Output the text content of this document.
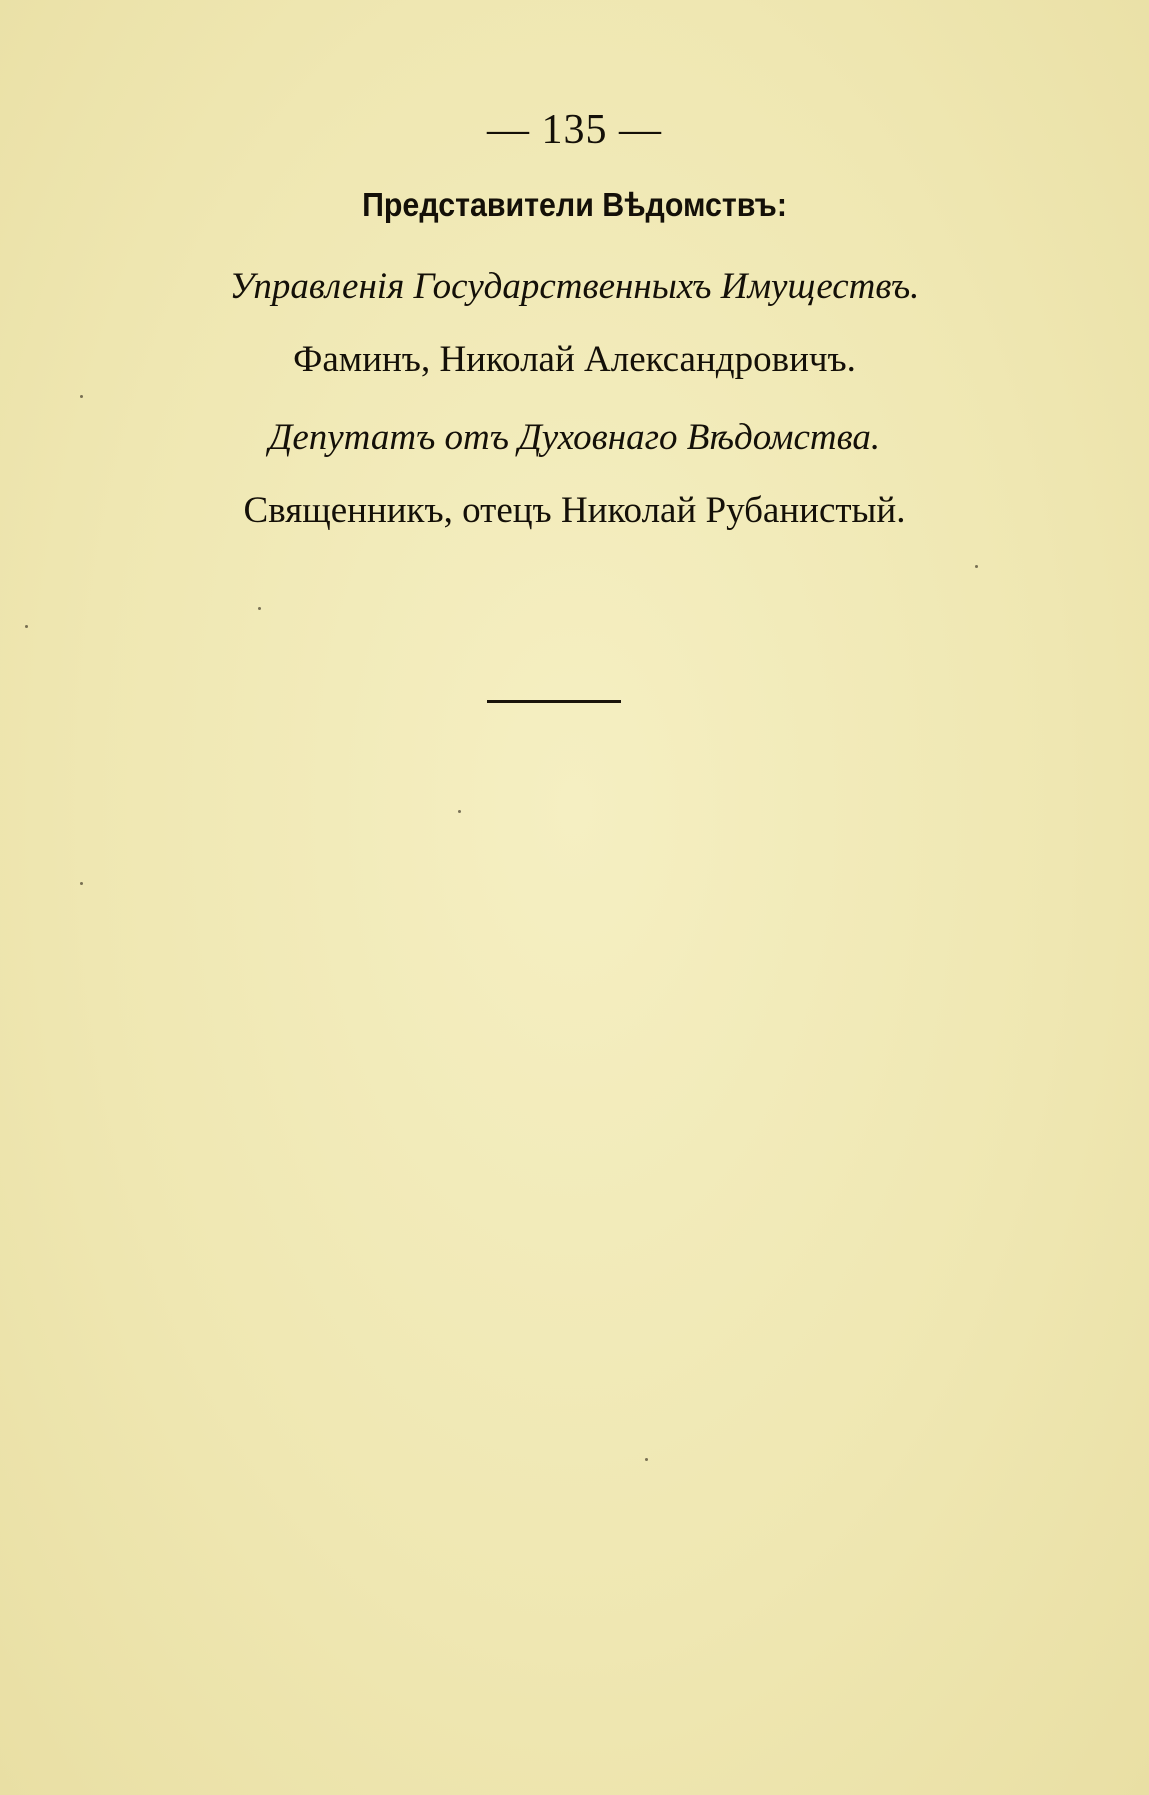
— 135 —
Представители Вѣдомствъ:
Управленія Государственныхъ Имуществъ.
Фаминъ, Николай Александровичъ.
Депутатъ отъ Духовнаго Вѣдомства.
Священникъ, отецъ Николай Рубанистый.
